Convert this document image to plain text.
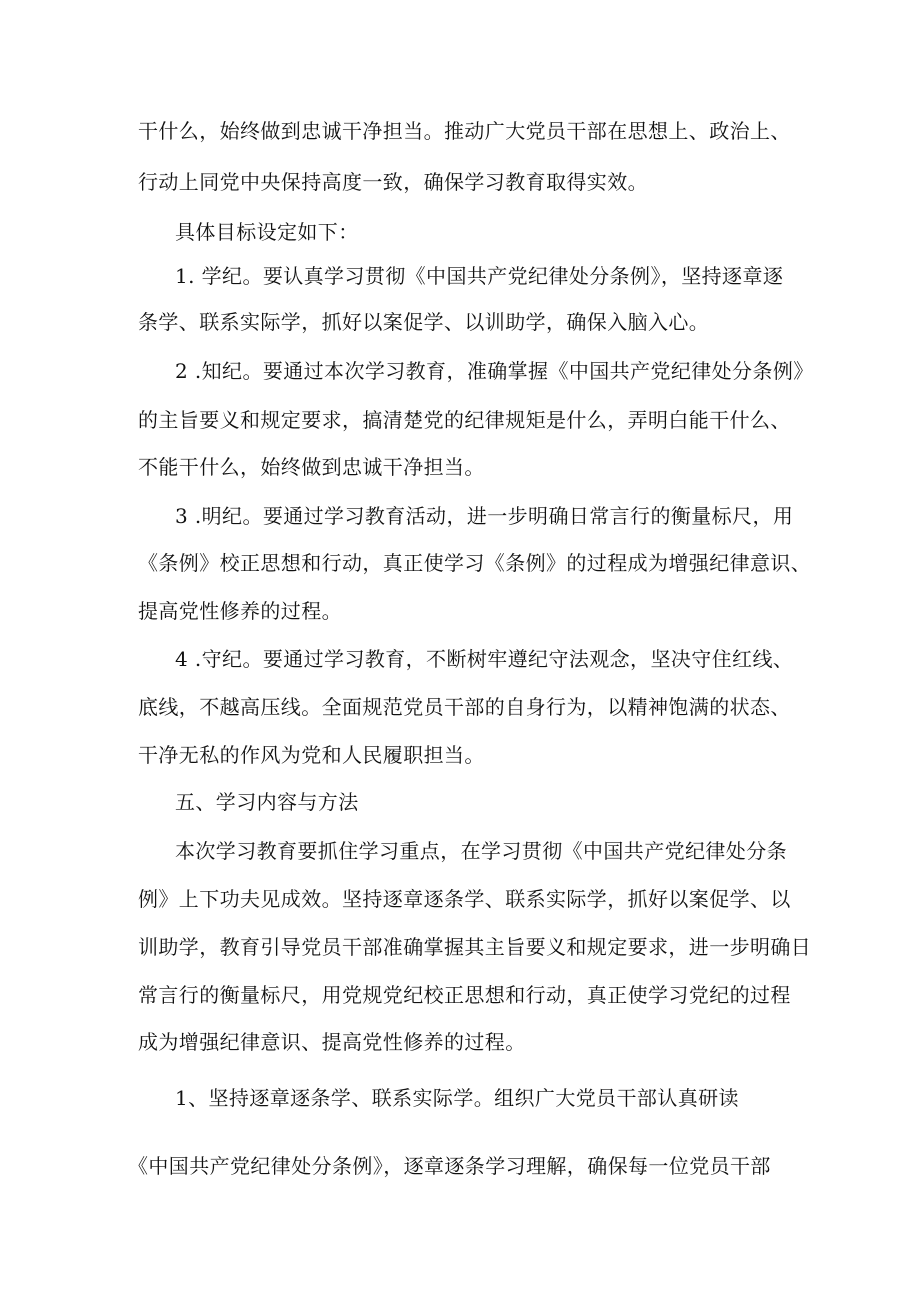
干什么，始终做到忠诚干净担当。推动广大党员干部在思想上、政治上、
行动上同党中央保持高度一致，确保学习教育取得实效。
具体目标设定如下：
1. 学纪。要认真学习贯彻《中国共产党纪律处分条例》，坚持逐章逐
条学、联系实际学，抓好以案促学、以训助学，确保入脑入心。
2 .知纪。要通过本次学习教育，准确掌握《中国共产党纪律处分条例》
的主旨要义和规定要求，搞清楚党的纪律规矩是什么，弄明白能干什么、
不能干什么，始终做到忠诚干净担当。
3 .明纪。要通过学习教育活动，进一步明确日常言行的衡量标尺，用
《条例》校正思想和行动，真正使学习《条例》的过程成为增强纪律意识、
提高党性修养的过程。
4 .守纪。要通过学习教育，不断树牢遵纪守法观念，坚决守住红线、
底线，不越高压线。全面规范党员干部的自身行为，以精神饱满的状态、
干净无私的作风为党和人民履职担当。
五、学习内容与方法
本次学习教育要抓住学习重点，在学习贯彻《中国共产党纪律处分条
例》上下功夫见成效。坚持逐章逐条学、联系实际学，抓好以案促学、以
训助学，教育引导党员干部准确掌握其主旨要义和规定要求，进一步明确日
常言行的衡量标尺，用党规党纪校正思想和行动，真正使学习党纪的过程
成为增强纪律意识、提高党性修养的过程。
1、坚持逐章逐条学、联系实际学。组织广大党员干部认真研读
《中国共产党纪律处分条例》，逐章逐条学习理解，确保每一位党员干部
